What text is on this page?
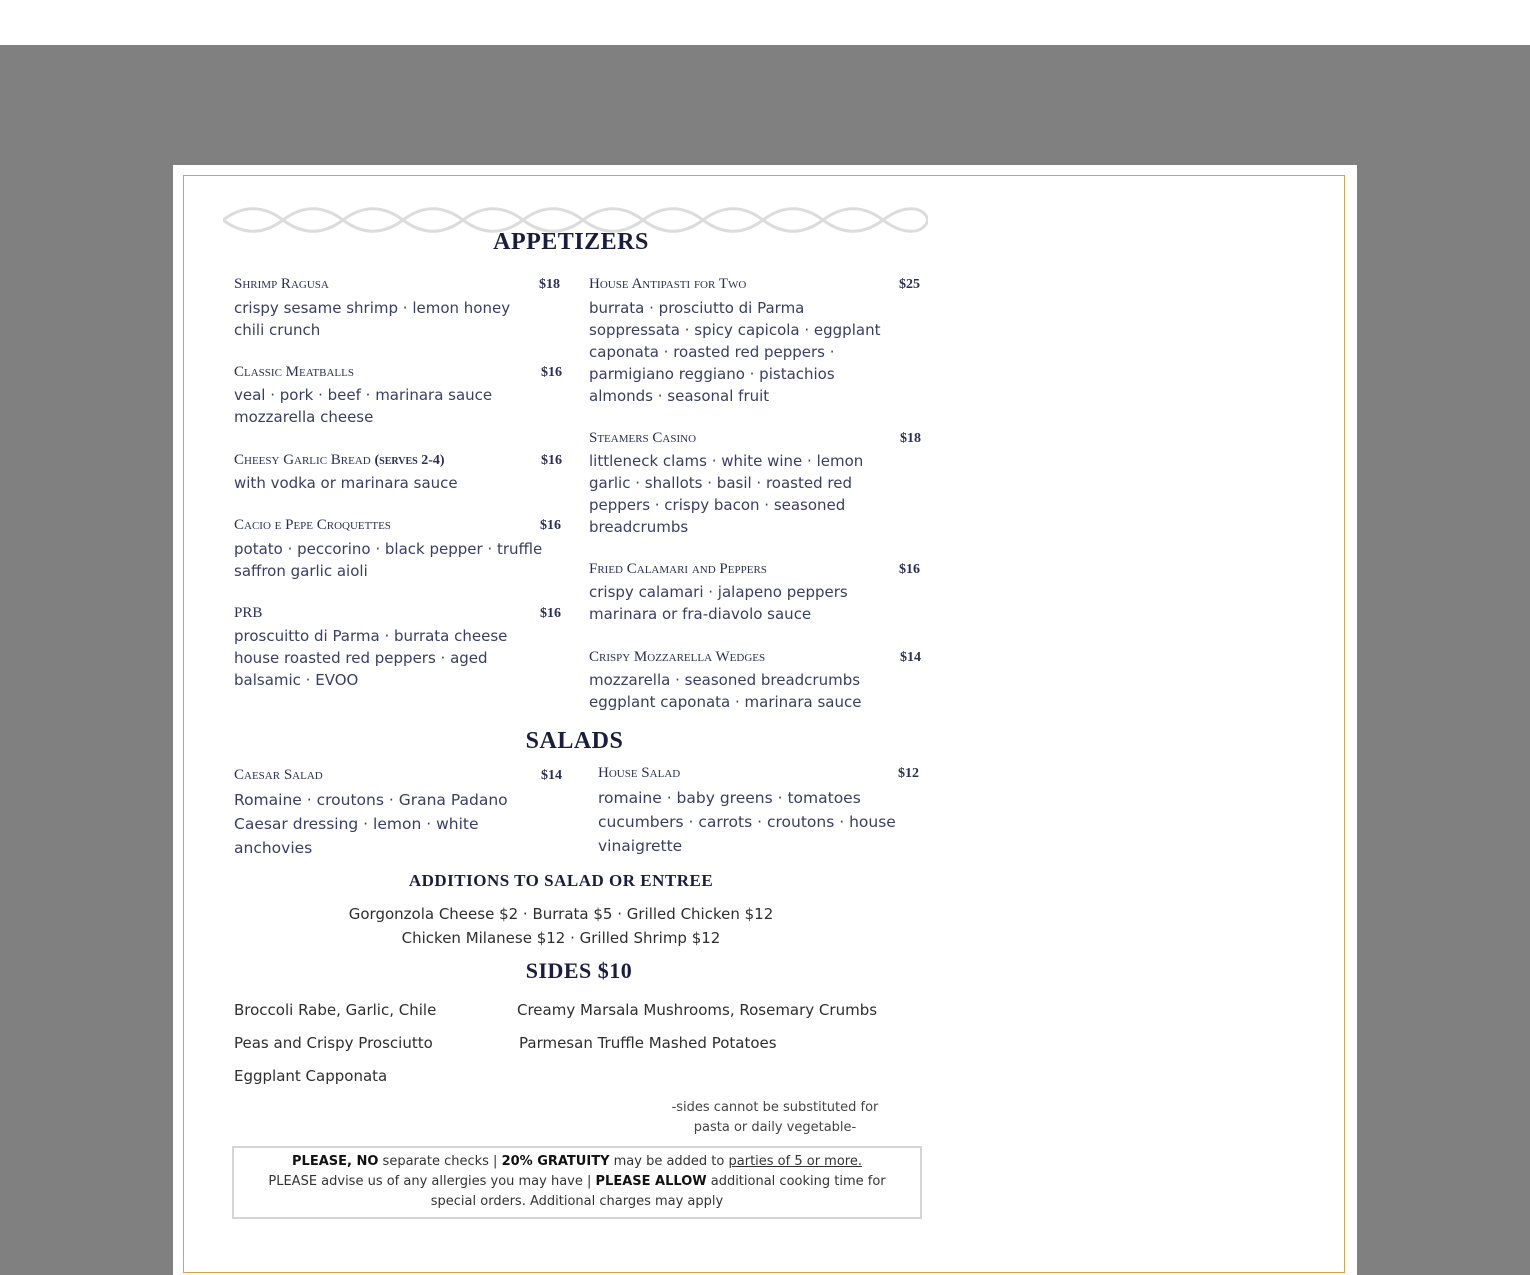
APPETIZERS
Shrimp Ragusa	$18
crispy sesame shrimp · lemon honey
chili crunch
Classic Meatballs	$16
veal · pork · beef · marinara sauce
mozzarella cheese
Cheesy Garlic Bread (serves 2-4)	$16
with vodka or marinara sauce
Cacio e Pepe Croquettes	$16
potato · peccorino · black pepper · truffle
saffron garlic aioli
PRB	$16
proscuitto di Parma · burrata cheese
house roasted red peppers · aged
balsamic · EVOO
House Antipasti for Two	$25
burrata · prosciutto di Parma
soppressata · spicy capicola · eggplant
caponata · roasted red peppers ·
parmigiano reggiano · pistachios
almonds · seasonal fruit
Steamers Casino	$18
littleneck clams · white wine · lemon
garlic · shallots · basil · roasted red
peppers · crispy bacon · seasoned
breadcrumbs
Fried Calamari and Peppers	$16
crispy calamari · jalapeno peppers
marinara or fra-diavolo sauce
Crispy Mozzarella Wedges	$14
mozzarella · seasoned breadcrumbs
eggplant caponata · marinara sauce
SALADS
Caesar Salad	$14
Romaine · croutons · Grana Padano
Caesar dressing · lemon · white
anchovies
House Salad	$12
romaine · baby greens · tomatoes
cucumbers · carrots · croutons · house
vinaigrette
ADDITIONS TO SALAD OR ENTREE
Gorgonzola Cheese $2 · Burrata $5 · Grilled Chicken $12
Chicken Milanese $12 · Grilled Shrimp $12
SIDES $10
Broccoli Rabe, Garlic, Chile
Peas and Crispy Prosciutto
Eggplant Capponata
Creamy Marsala Mushrooms, Rosemary Crumbs
Parmesan Truffle Mashed Potatoes
-sides cannot be substituted for
pasta or daily vegetable-
PLEASE, NO separate checks | 20% GRATUITY may be added to parties of 5 or more.
PLEASE advise us of any allergies you may have | PLEASE ALLOW additional cooking time for
special orders. Additional charges may apply
